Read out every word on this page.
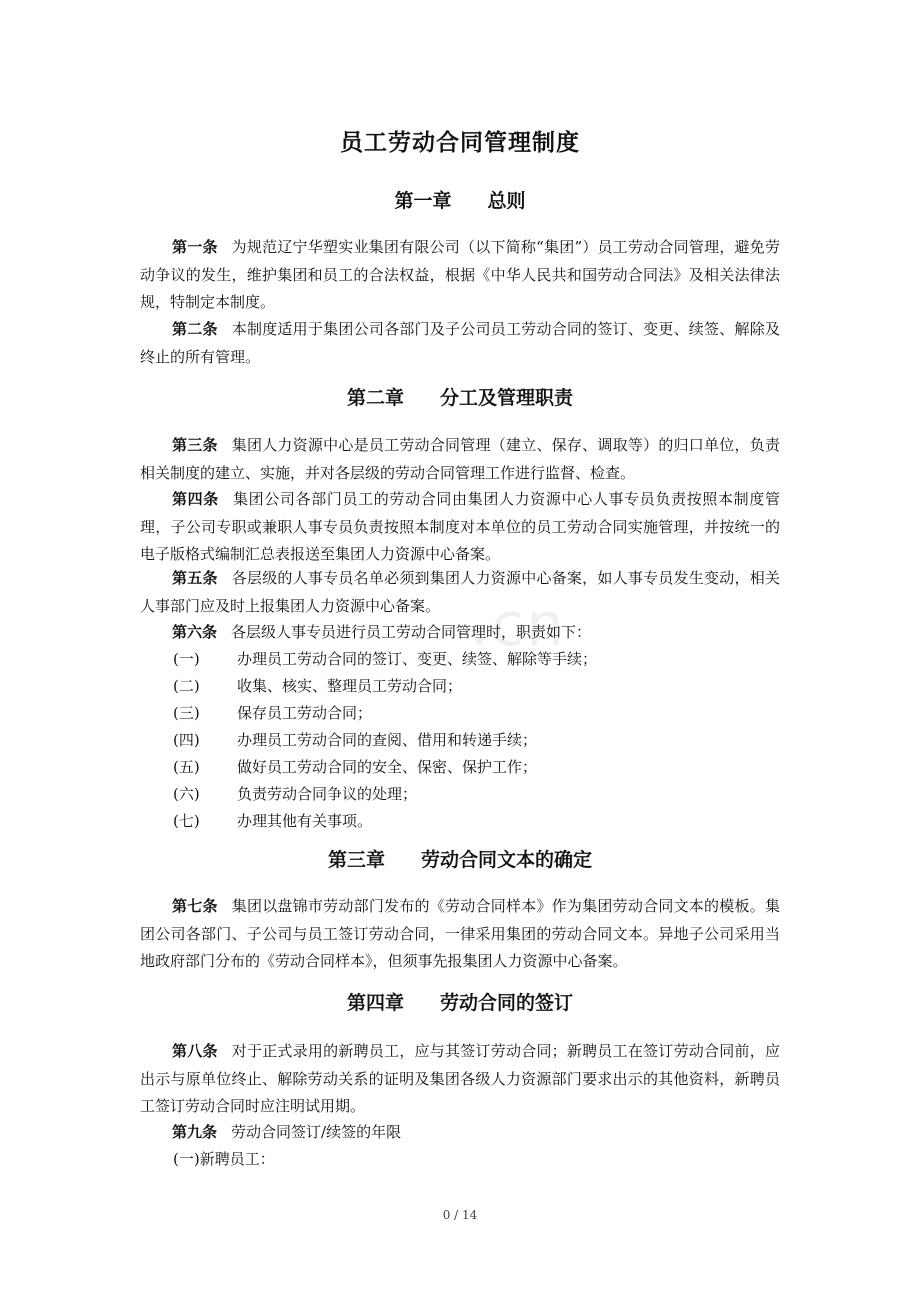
.cn
员工劳动合同管理制度
第一章 总则
第一条 为规范辽宁华塑实业集团有限公司（以下简称“集团”）员工劳动合同管理，避免劳动争议的发生，维护集团和员工的合法权益，根据《中华人民共和国劳动合同法》及相关法律法规，特制定本制度。
第二条 本制度适用于集团公司各部门及子公司员工劳动合同的签订、变更、续签、解除及终止的所有管理。
第二章 分工及管理职责
第三条 集团人力资源中心是员工劳动合同管理（建立、保存、调取等）的归口单位，负责相关制度的建立、实施，并对各层级的劳动合同管理工作进行监督、检查。
第四条 集团公司各部门员工的劳动合同由集团人力资源中心人事专员负责按照本制度管理，子公司专职或兼职人事专员负责按照本制度对本单位的员工劳动合同实施管理，并按统一的电子版格式编制汇总表报送至集团人力资源中心备案。
第五条 各层级的人事专员名单必须到集团人力资源中心备案，如人事专员发生变动，相关人事部门应及时上报集团人力资源中心备案。
第六条 各层级人事专员进行员工劳动合同管理时，职责如下：
(一) 办理员工劳动合同的签订、变更、续签、解除等手续；
(二) 收集、核实、整理员工劳动合同；
(三) 保存员工劳动合同；
(四) 办理员工劳动合同的查阅、借用和转递手续；
(五) 做好员工劳动合同的安全、保密、保护工作；
(六) 负责劳动合同争议的处理；
(七) 办理其他有关事项。
第三章 劳动合同文本的确定
第七条 集团以盘锦市劳动部门发布的《劳动合同样本》作为集团劳动合同文本的模板。集团公司各部门、子公司与员工签订劳动合同，一律采用集团的劳动合同文本。异地子公司采用当地政府部门分布的《劳动合同样本》，但须事先报集团人力资源中心备案。
第四章 劳动合同的签订
第八条 对于正式录用的新聘员工，应与其签订劳动合同；新聘员工在签订劳动合同前，应出示与原单位终止、解除劳动关系的证明及集团各级人力资源部门要求出示的其他资料，新聘员工签订劳动合同时应注明试用期。
第九条 劳动合同签订/续签的年限
(一)新聘员工：
0 / 14
